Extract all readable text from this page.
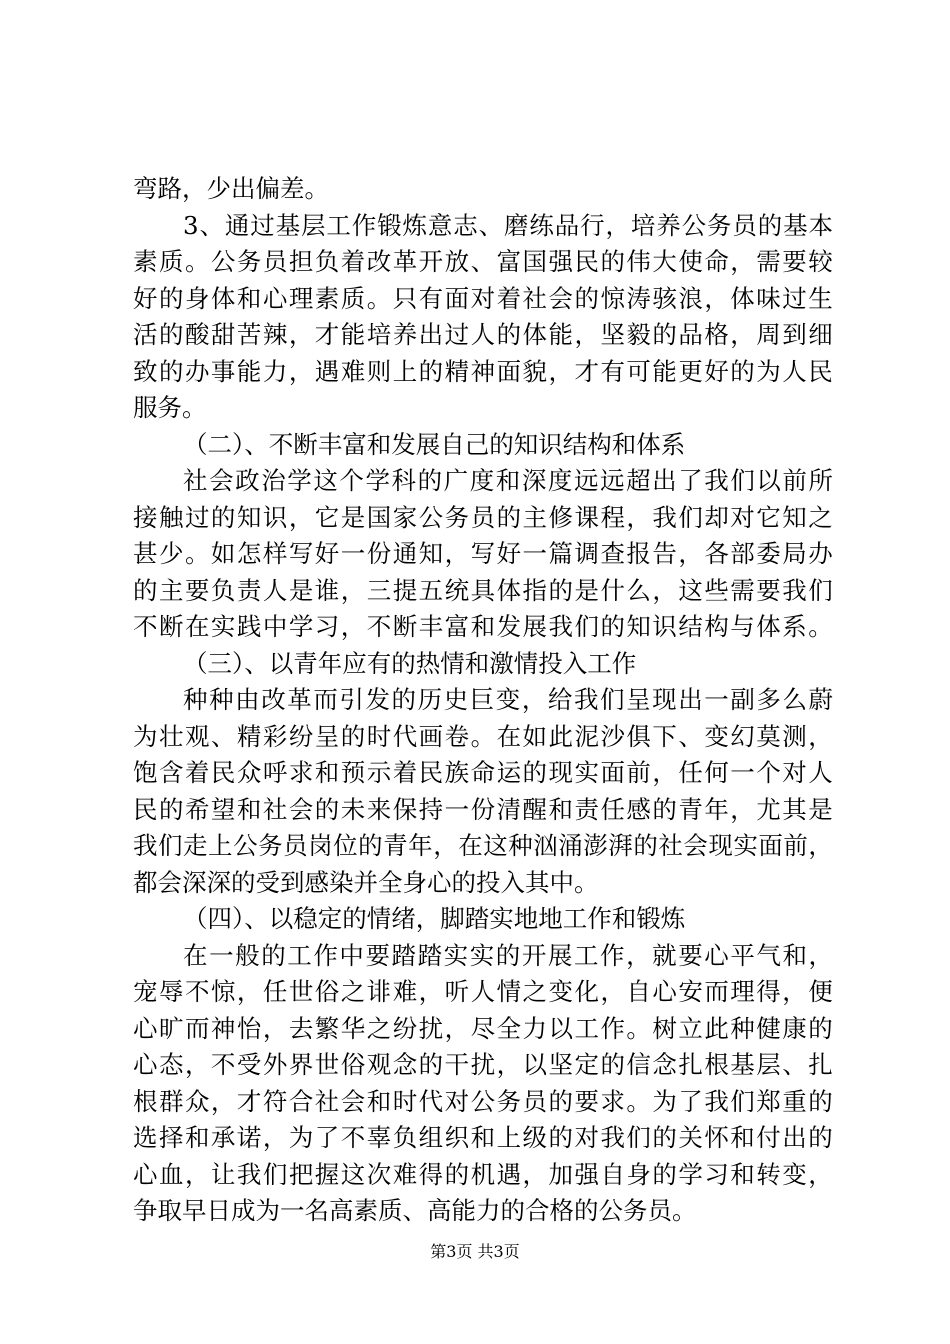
弯路，少出偏差。
3 、 通 过 基 层 工 作 锻 炼 意 志 、 磨 练 品 行 ， 培 养 公 务 员 的 基 本
素 质 。 公 务 员 担 负 着 改 革 开 放 、 富 国 强 民 的 伟 大 使 命 ， 需 要 较
好 的 身 体 和 心 理 素 质 。 只 有 面 对 着 社 会 的 惊 涛 骇 浪 ， 体 味 过 生
活 的 酸 甜 苦 辣 ， 才 能 培 养 出 过 人 的 体 能 ， 坚 毅 的 品 格 ， 周 到 细
致 的 办 事 能 力 ， 遇 难 则 上 的 精 神 面 貌 ， 才 有 可 能 更 好 的 为 人 民
服务。
（二）、不断丰富和发展自己的知识结构和体系
社 会 政 治 学 这 个 学 科 的 广 度 和 深 度 远 远 超 出 了 我 们 以 前 所
接 触 过 的 知 识 ， 它 是 国 家 公 务 员 的 主 修 课 程 ， 我 们 却 对 它 知 之
甚 少 。 如 怎 样 写 好 一 份 通 知 ， 写 好 一 篇 调 查 报 告 ， 各 部 委 局 办
的 主 要 负 责 人 是 谁 ， 三 提 五 统 具 体 指 的 是 什 么 ， 这 些 需 要 我 们
不 断 在 实 践 中 学 习 ， 不 断 丰 富 和 发 展 我 们 的 知 识 结 构 与 体 系 。
（三）、以青年应有的热情和激情投入工作
种 种 由 改 革 而 引 发 的 历 史 巨 变 ， 给 我 们 呈 现 出 一 副 多 么 蔚
为 壮 观 、 精 彩 纷 呈 的 时 代 画 卷 。 在 如 此 泥 沙 俱 下 、 变 幻 莫 测 ，
饱 含 着 民 众 呼 求 和 预 示 着 民 族 命 运 的 现 实 面 前 ， 任 何 一 个 对 人
民 的 希 望 和 社 会 的 未 来 保 持 一 份 清 醒 和 责 任 感 的 青 年 ， 尤 其 是
我 们 走 上 公 务 员 岗 位 的 青 年 ， 在 这 种 汹 涌 澎 湃 的 社 会 现 实 面 前 ，
都会深深的受到感染并全身心的投入其中。
（四）、以稳定的情绪，脚踏实地地工作和锻炼
在 一 般 的 工 作 中 要 踏 踏 实 实 的 开 展 工 作 ， 就 要 心 平 气 和 ，
宠 辱 不 惊 ， 任 世 俗 之 诽 难 ， 听 人 情 之 变 化 ， 自 心 安 而 理 得 ， 便
心 旷 而 神 怡 ， 去 繁 华 之 纷 扰 ， 尽 全 力 以 工 作 。 树 立 此 种 健 康 的
心 态 ， 不 受 外 界 世 俗 观 念 的 干 扰 ， 以 坚 定 的 信 念 扎 根 基 层 、 扎
根 群 众 ， 才 符 合 社 会 和 时 代 对 公 务 员 的 要 求 。 为 了 我 们 郑 重 的
选 择 和 承 诺 ， 为 了 不 辜 负 组 织 和 上 级 的 对 我 们 的 关 怀 和 付 出 的
心 血 ， 让 我 们 把 握 这 次 难 得 的 机 遇 ， 加 强 自 身 的 学 习 和 转 变 ，
争取早日成为一名高素质、高能力的合格的公务员。
第3页 共3页
